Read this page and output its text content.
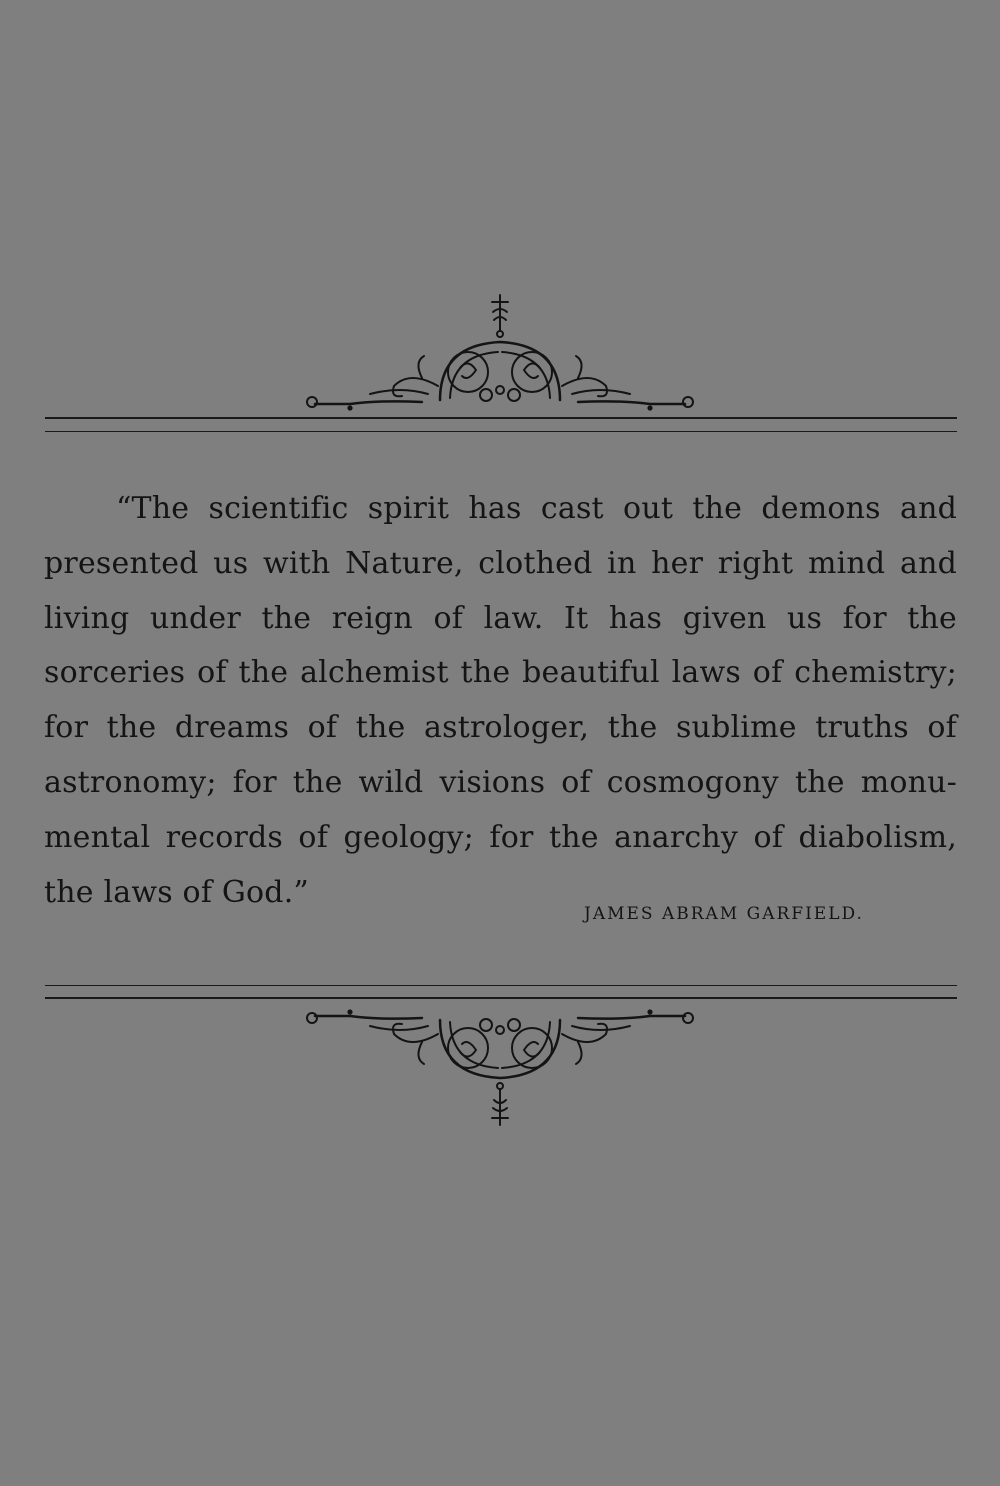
“The scientific spirit has cast out the demons and
presented us with Nature, clothed in her right mind and
living under the reign of law. It has given us for the
sorceries of the alchemist the beautiful laws of chemistry;
for the dreams of the astrologer, the sublime truths of
astronomy; for the wild visions of cosmogony the monu-
mental records of geology; for the anarchy of diabolism,
the laws of God.”
JAMES ABRAM GARFIELD.
